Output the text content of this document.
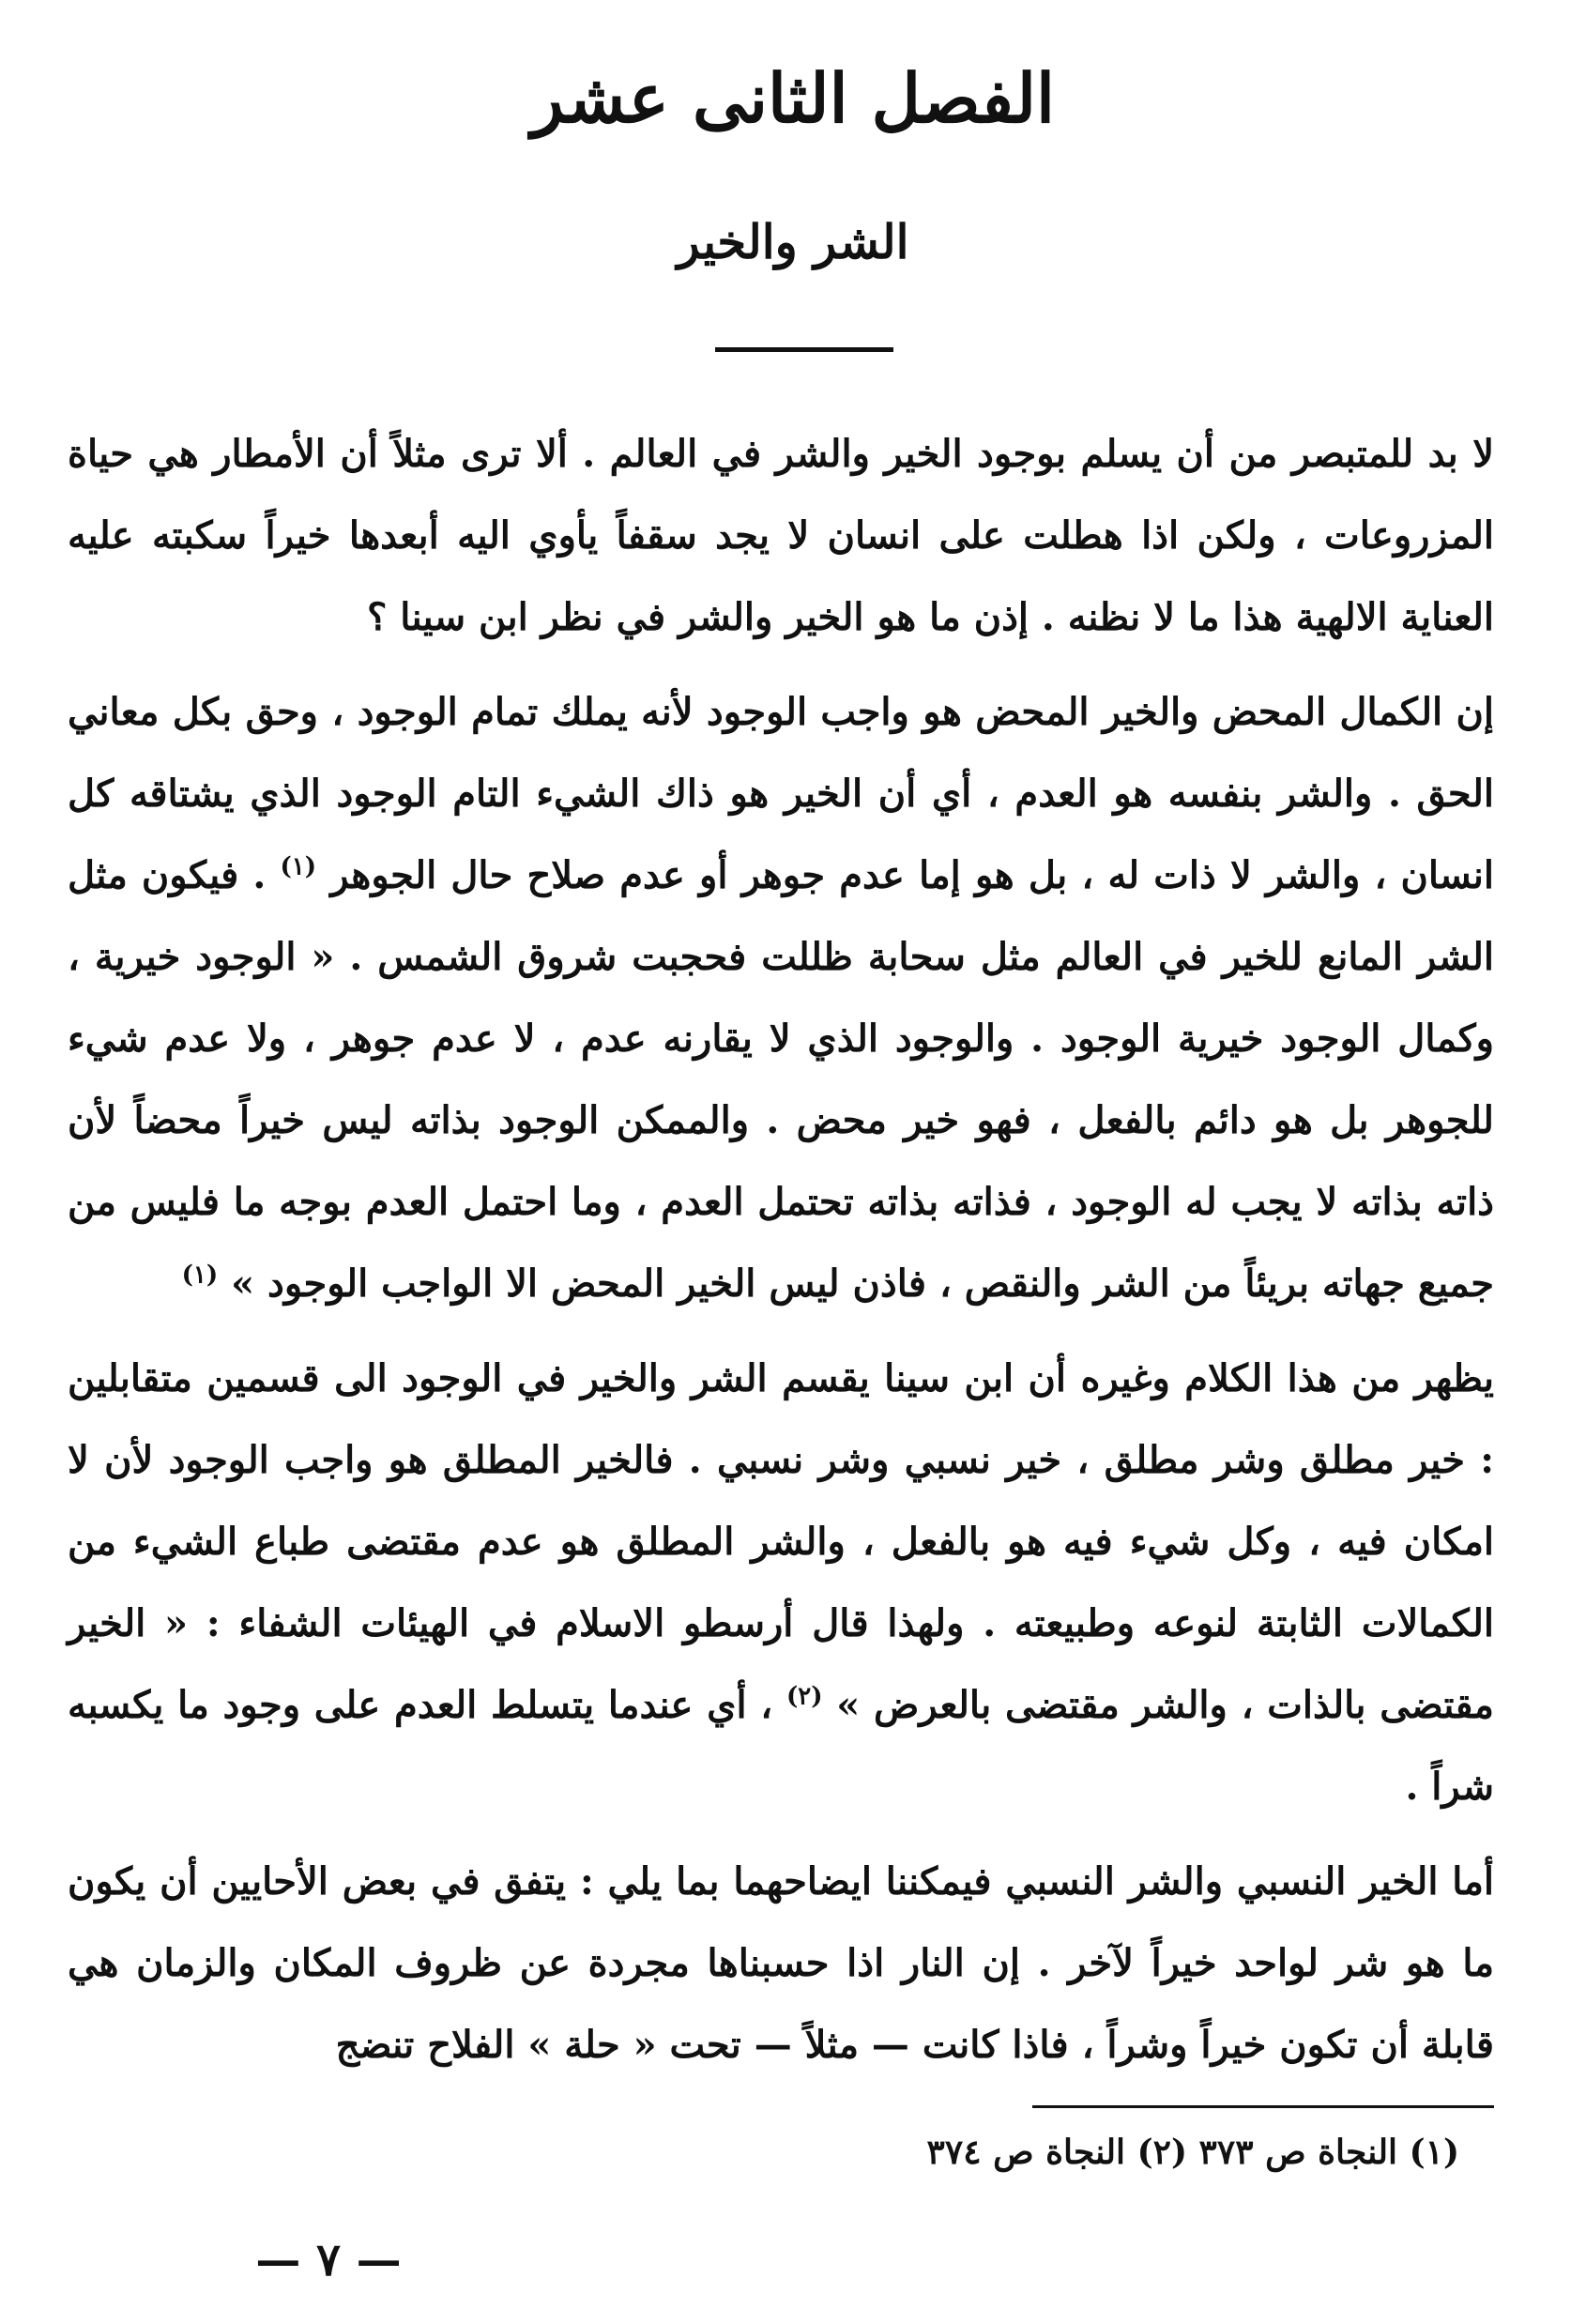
الفصل الثانى عشر
الشر والخير

لا بد للمتبصر من أن يسلم بوجود الخير والشر في العالم . ألا ترى مثلاً أن الأمطار هي حياة المزروعات ، ولكن اذا هطلت على انسان لا يجد سقفاً يأوي اليه أبعدها خيراً سكبته عليه العناية الالهية هذا ما لا نظنه . إذن ما هو الخير والشر في نظر ابن سينا ؟

إن الكمال المحض والخير المحض هو واجب الوجود لأنه يملك تمام الوجود ، وحق بكل معاني الحق . والشر بنفسه هو العدم ، أي أن الخير هو ذاك الشيء التام الوجود الذي يشتاقه كل انسان ، والشر لا ذات له ، بل هو إما عدم جوهر أو عدم صلاح حال الجوهر $^{(١)}$ . فيكون مثل الشر المانع للخير في العالم مثل سحابة ظللت فحجبت شروق الشمس . « الوجود خيرية ، وكمال الوجود خيرية الوجود . والوجود الذي لا يقارنه عدم ، لا عدم جوهر ، ولا عدم شيء للجوهر بل هو دائم بالفعل ، فهو خير محض . والممكن الوجود بذاته ليس خيراً محضاً لأن ذاته بذاته لا يجب له الوجود ، فذاته بذاته تحتمل العدم ، وما احتمل العدم بوجه ما فليس من جميع جهاته بريئاً من الشر والنقص ، فاذن ليس الخير المحض الا الواجب الوجود » $^{(١)}$

يظهر من هذا الكلام وغيره أن ابن سينا يقسم الشر والخير في الوجود الى قسمين متقابلين : خير مطلق وشر مطلق ، خير نسبي وشر نسبي . فالخير المطلق هو واجب الوجود لأن لا امكان فيه ، وكل شيء فيه هو بالفعل ، والشر المطلق هو عدم مقتضى طباع الشيء من الكمالات الثابتة لنوعه وطبيعته . ولهذا قال أرسطو الاسلام في الهيئات الشفاء : « الخير مقتضى بالذات ، والشر مقتضى بالعرض » $^{(٢)}$ ، أي عندما يتسلط العدم على وجود ما يكسبه شراً .

أما الخير النسبي والشر النسبي فيمكننا ايضاحهما بما يلي : يتفق في بعض الأحايين أن يكون ما هو شر لواحد خيراً لآخر . إن النار اذا حسبناها مجردة عن ظروف المكان والزمان هي قابلة أن تكون خيراً وشراً ، فاذا كانت — مثلاً — تحت « حلة » الفلاح تنضج

(١) النجاة ص ٣٧٣ (٢) النجاة ص ٣٧٤
— ٧ —
